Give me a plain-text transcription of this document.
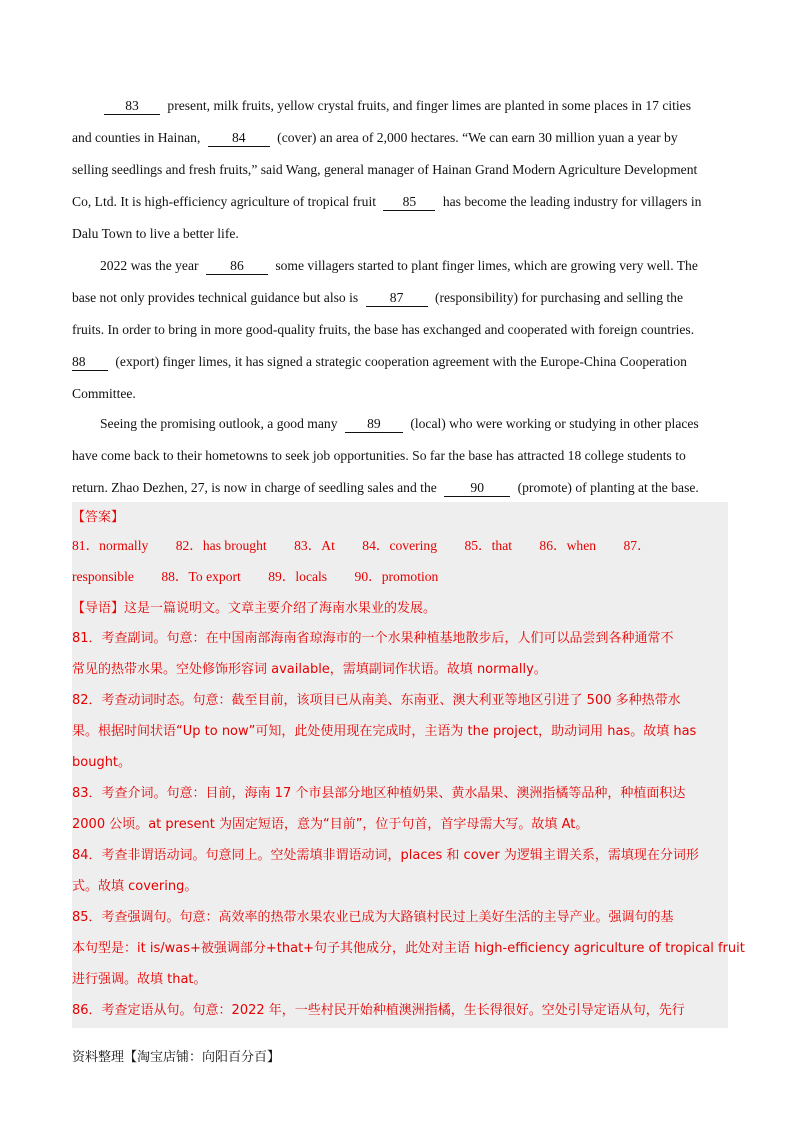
83 present, milk fruits, yellow crystal fruits, and finger limes are planted in some places in 17 cities
and counties in Hainan, 84 (cover) an area of 2,000 hectares. “We can earn 30 million yuan a year by
selling seedlings and fresh fruits,” said Wang, general manager of Hainan Grand Modern Agriculture Development
Co, Ltd. It is high-efficiency agriculture of tropical fruit 85 has become the leading industry for villagers in
Dalu Town to live a better life.
2022 was the year 86 some villagers started to plant finger limes, which are growing very well. The
base not only provides technical guidance but also is 87 (responsibility) for purchasing and selling the
fruits. In order to bring in more good-quality fruits, the base has exchanged and cooperated with foreign countries.
88 (export) finger limes, it has signed a strategic cooperation agreement with the Europe-China Cooperation
Committee.
Seeing the promising outlook, a good many 89 (local) who were working or studying in other places
have come back to their hometowns to seek job opportunities. So far the base has attracted 18 college students to
return. Zhao Dezhen, 27, is now in charge of seedling sales and the 90 (promote) of planting at the base.
【答案】
81．normally 82．has brought 83．At 84．covering 85．that 86．when 87．
responsible 88．To export 89．locals 90．promotion
【导语】这是一篇说明文。文章主要介绍了海南水果业的发展。
81．考查副词。句意：在中国南部海南省琼海市的一个水果种植基地散步后，人们可以品尝到各种通常不
常见的热带水果。空处修饰形容词 available，需填副词作状语。故填 normally。
82．考查动词时态。句意：截至目前，该项目已从南美、东南亚、澳大利亚等地区引进了 500 多种热带水
果。根据时间状语“Up to now”可知，此处使用现在完成时，主语为 the project，助动词用 has。故填 has
bought。
83．考查介词。句意：目前，海南 17 个市县部分地区种植奶果、黄水晶果、澳洲指橘等品种，种植面积达
2000 公顷。at present 为固定短语，意为“目前”，位于句首，首字母需大写。故填 At。
84．考查非谓语动词。句意同上。空处需填非谓语动词，places 和 cover 为逻辑主谓关系，需填现在分词形
式。故填 covering。
85．考查强调句。句意：高效率的热带水果农业已成为大路镇村民过上美好生活的主导产业。强调句的基
本句型是：it is/was+被强调部分+that+句子其他成分，此处对主语 high-efficiency agriculture of tropical fruit
进行强调。故填 that。
86．考查定语从句。句意：2022 年，一些村民开始种植澳洲指橘，生长得很好。空处引导定语从句，先行
资料整理【淘宝店铺：向阳百分百】
